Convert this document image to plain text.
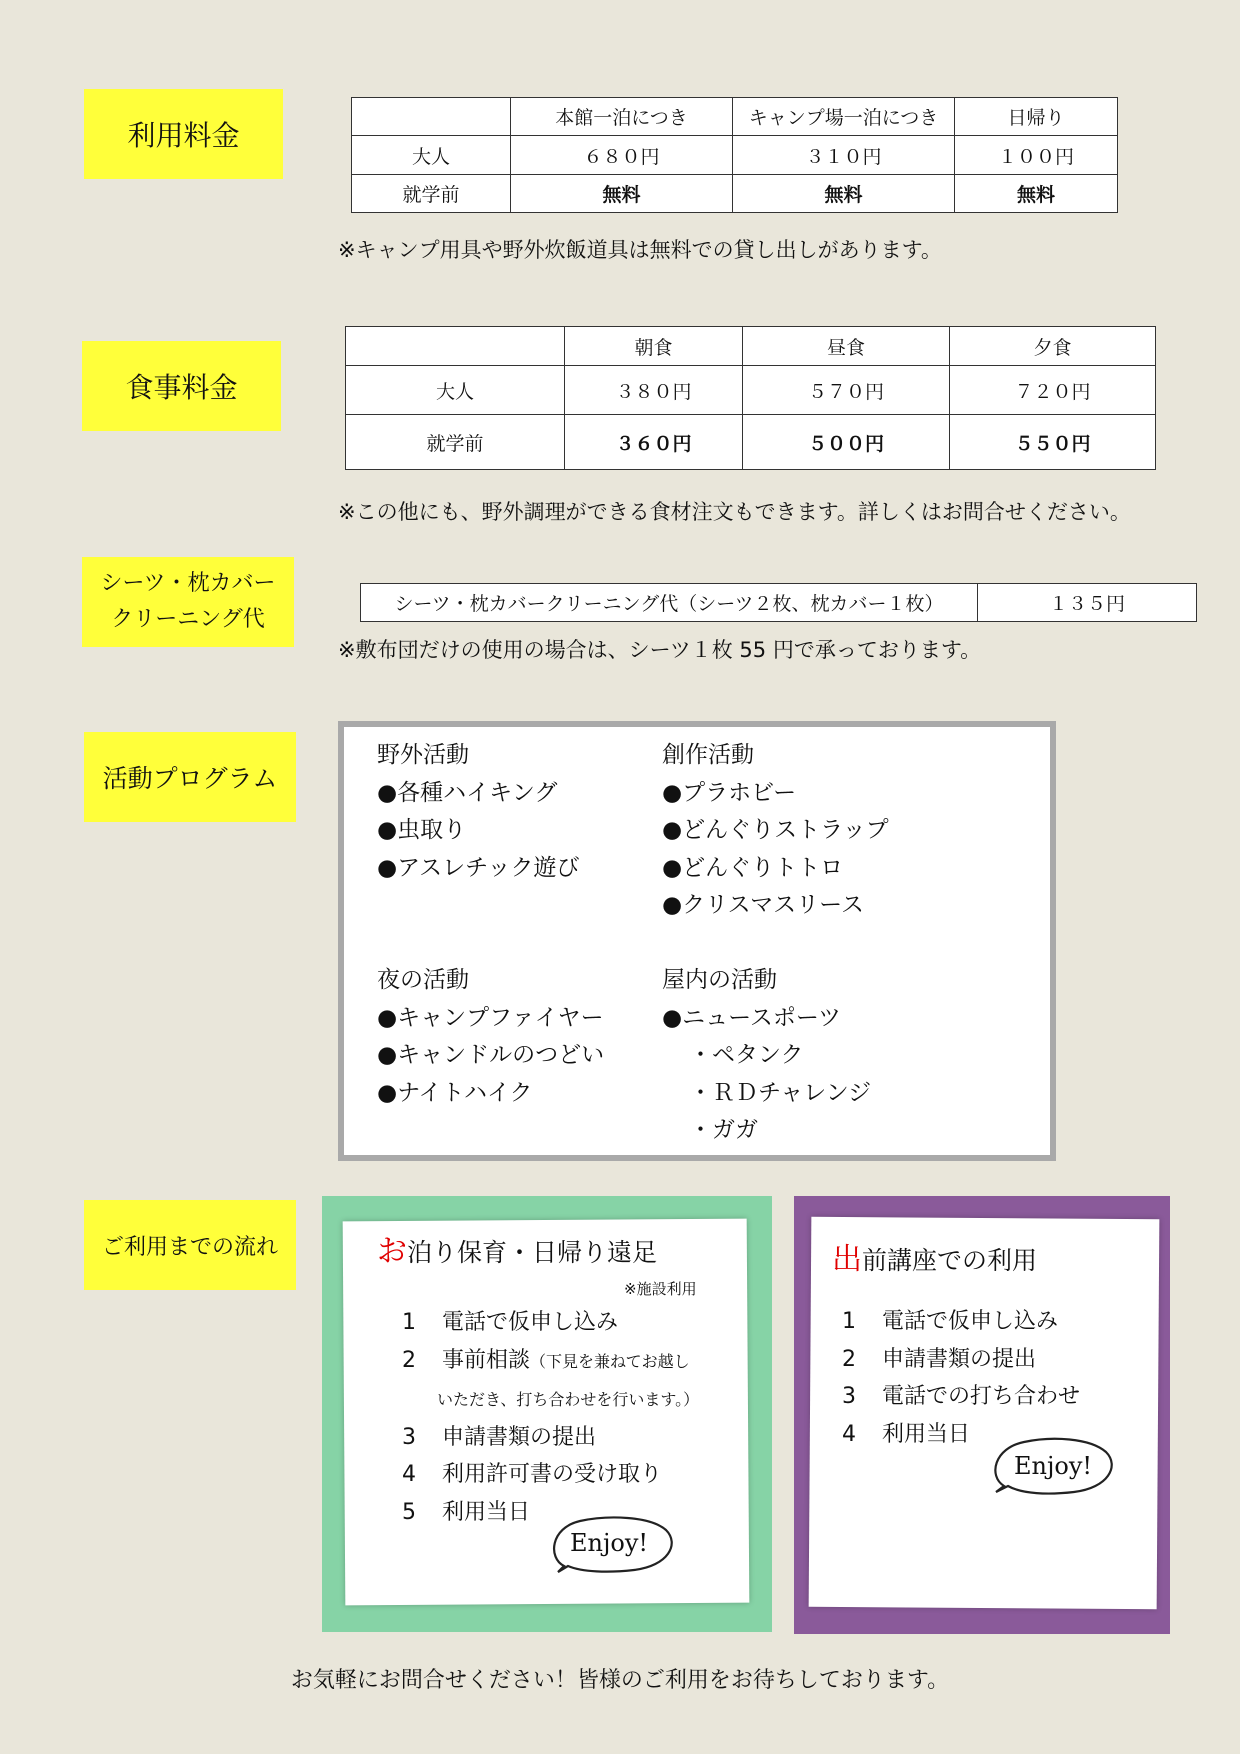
利用料金
	本館一泊につき	キャンプ場一泊につき	日帰り
大人	６８０円	３１０円	１００円
就学前	無料	無料	無料
※キャンプ用具や野外炊飯道具は無料での貸し出しがあります。
食事料金
	朝食	昼食	夕食
大人	３８０円	５７０円	７２０円
就学前	３６０円	５００円	５５０円
※この他にも、野外調理ができる食材注文もできます。詳しくはお問合せください。
シーツ・枕カバー
クリーニング代
シーツ・枕カバークリーニング代（シーツ２枚、枕カバー１枚）	１３５円
※敷布団だけの使用の場合は、シーツ１枚 55 円で承っております。
活動プログラム
野外活動
●各種ハイキング
●虫取り
●アスレチック遊び
創作活動
●プラホビー
●どんぐりストラップ
●どんぐりトトロ
●クリスマスリース
夜の活動
●キャンプファイヤー
●キャンドルのつどい
●ナイトハイク
屋内の活動
●ニュースポーツ
・ペタンク
・ＲＤチャレンジ
・ガガ
ご利用までの流れ	お泊り保育・日帰り遠足
※施設利用
1 電話で仮申し込み
2 事前相談（下見を兼ねてお越し
いただき、打ち合わせを行います。）
3 申請書類の提出
4 利用許可書の受け取り
5 利用当日
Enjoy!
出前講座での利用
1 電話で仮申し込み
2 申請書類の提出
3 電話での打ち合わせ
4 利用当日
Enjoy!
お気軽にお問合せください！皆様のご利用をお待ちしております。
